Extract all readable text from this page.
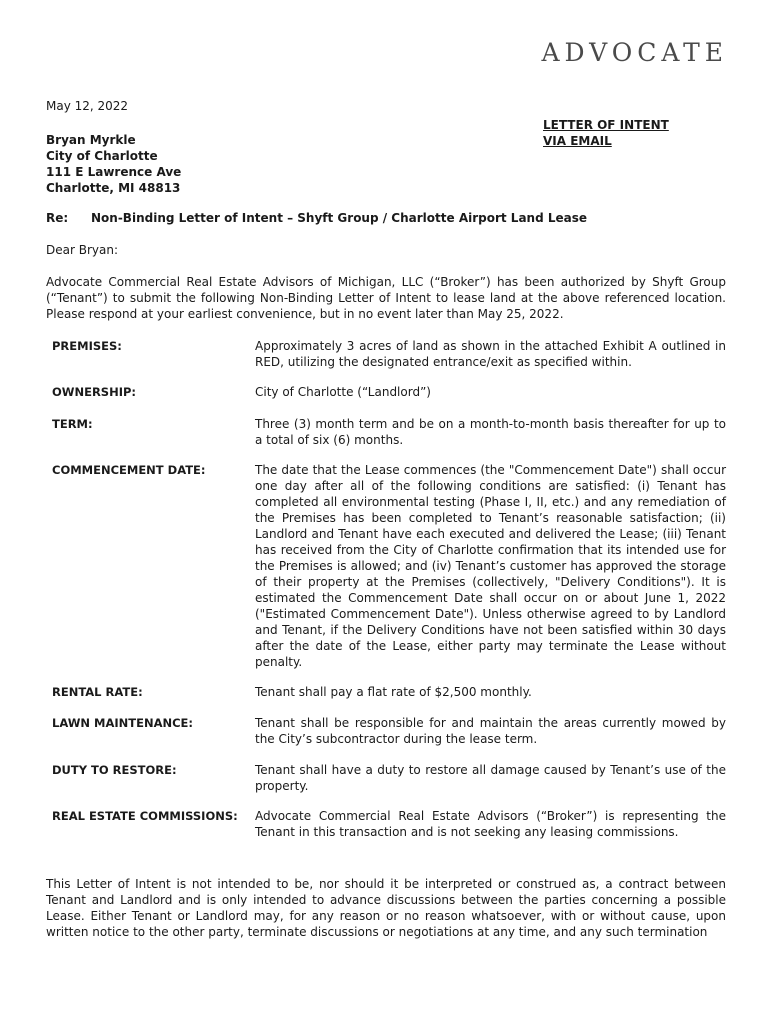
ADVOCATE
May 12, 2022
Bryan Myrkle
City of Charlotte
111 E Lawrence Ave
Charlotte, MI 48813
LETTER OF INTENT
VIA EMAIL
Re:	Non-Binding Letter of Intent – Shyft Group / Charlotte Airport Land Lease
Dear Bryan:

Advocate Commercial Real Estate Advisors of Michigan, LLC (“Broker”) has been authorized by Shyft Group (“Tenant”) to submit the following Non-Binding Letter of Intent to lease land at the above referenced location. Please respond at your earliest convenience, but in no event later than May 25, 2022.

PREMISES:	Approximately 3 acres of land as shown in the attached Exhibit A outlined in RED, utilizing the designated entrance/exit as specified within.
OWNERSHIP:	City of Charlotte (“Landlord”)
TERM:	Three (3) month term and be on a month-to-month basis thereafter for up to a total of six (6) months.
COMMENCEMENT DATE:	The date that the Lease commences (the "Commencement Date") shall occur one day after all of the following conditions are satisfied: (i) Tenant has completed all environmental testing (Phase I, II, etc.) and any remediation of the Premises has been completed to Tenant’s reasonable satisfaction; (ii) Landlord and Tenant have each executed and delivered the Lease; (iii) Tenant has received from the City of Charlotte confirmation that its intended use for the Premises is allowed; and (iv) Tenant’s customer has approved the storage of their property at the Premises (collectively, "Delivery Conditions"). It is estimated the Commencement Date shall occur on or about June 1, 2022 ("Estimated Commencement Date"). Unless otherwise agreed to by Landlord and Tenant, if the Delivery Conditions have not been satisfied within 30 days after the date of the Lease, either party may terminate the Lease without penalty.
RENTAL RATE:	Tenant shall pay a flat rate of $2,500 monthly.
LAWN MAINTENANCE:	Tenant shall be responsible for and maintain the areas currently mowed by the City’s subcontractor during the lease term.
DUTY TO RESTORE:	Tenant shall have a duty to restore all damage caused by Tenant’s use of the property.
REAL ESTATE COMMISSIONS:	Advocate Commercial Real Estate Advisors (“Broker”) is representing the Tenant in this transaction and is not seeking any leasing commissions.

This Letter of Intent is not intended to be, nor should it be interpreted or construed as, a contract between Tenant and Landlord and is only intended to advance discussions between the parties concerning a possible Lease. Either Tenant or Landlord may, for any reason or no reason whatsoever, with or without cause, upon written notice to the other party, terminate discussions or negotiations at any time, and any such termination
